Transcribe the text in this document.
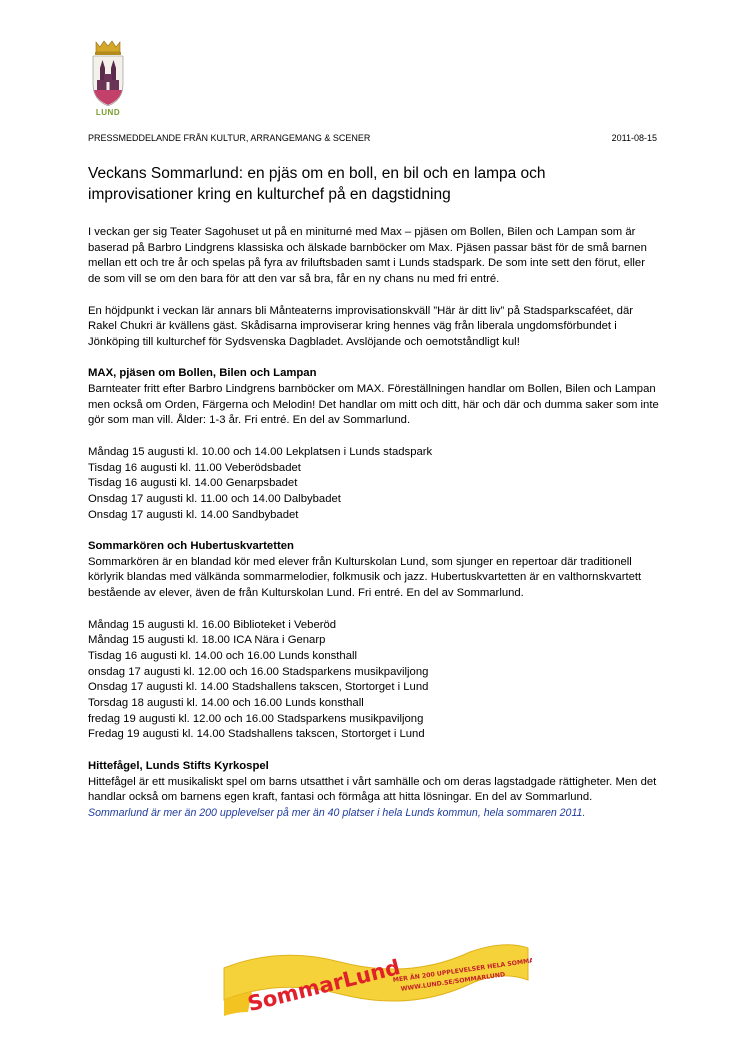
LUND
PRESSMEDDELANDE FRÅN KULTUR, ARRANGEMANG & SCENER	2011-08-15
Veckans Sommarlund: en pjäs om en boll, en bil och en lampa och improvisationer kring en kulturchef på en dagstidning

I veckan ger sig Teater Sagohuset ut på en miniturné med Max – pjäsen om Bollen, Bilen och Lampan som är baserad på Barbro Lindgrens klassiska och älskade barnböcker om Max. Pjäsen passar bäst för de små barnen mellan ett och tre år och spelas på fyra av friluftsbaden samt i Lunds stadspark. De som inte sett den förut, eller de som vill se om den bara för att den var så bra, får en ny chans nu med fri entré.

En höjdpunkt i veckan lär annars bli Månteaterns improvisationskväll ”Här är ditt liv” på Stadsparkscaféet, där Rakel Chukri är kvällens gäst. Skådisarna improviserar kring hennes väg från liberala ungdomsförbundet i Jönköping till kulturchef för Sydsvenska Dagbladet. Avslöjande och oemotståndligt kul!

MAX, pjäsen om Bollen, Bilen och Lampan

Barnteater fritt efter Barbro Lindgrens barnböcker om MAX. Föreställningen handlar om Bollen, Bilen och Lampan men också om Orden, Färgerna och Melodin! Det handlar om mitt och ditt, här och där och dumma saker som inte gör som man vill. Ålder: 1-3 år. Fri entré. En del av Sommarlund.

Måndag 15 augusti kl. 10.00 och 14.00 Lekplatsen i Lunds stadspark
Tisdag 16 augusti kl. 11.00 Veberödsbadet
Tisdag 16 augusti kl. 14.00 Genarpsbadet
Onsdag 17 augusti kl. 11.00 och 14.00 Dalbybadet
Onsdag 17 augusti kl. 14.00 Sandbybadet
Sommarkören och Hubertuskvartetten

Sommarkören är en blandad kör med elever från Kulturskolan Lund, som sjunger en repertoar där traditionell körlyrik blandas med välkända sommarmelodier, folkmusik och jazz. Hubertuskvartetten är en valthornskvartett bestående av elever, även de från Kulturskolan Lund. Fri entré. En del av Sommarlund.

Måndag 15 augusti kl. 16.00 Biblioteket i Veberöd
Måndag 15 augusti kl. 18.00 ICA Nära i Genarp
Tisdag 16 augusti kl. 14.00 och 16.00 Lunds konsthall
onsdag 17 augusti kl. 12.00 och 16.00 Stadsparkens musikpaviljong
Onsdag 17 augusti kl. 14.00 Stadshallens takscen, Stortorget i Lund
Torsdag 18 augusti kl. 14.00 och 16.00 Lunds konsthall
fredag 19 augusti kl. 12.00 och 16.00 Stadsparkens musikpaviljong
Fredag 19 augusti kl. 14.00 Stadshallens takscen, Stortorget i Lund
Hittefågel, Lunds Stifts Kyrkospel

Hittefågel är ett musikaliskt spel om barns utsatthet i vårt samhälle och om deras lagstadgade rättigheter. Men det handlar också om barnens egen kraft, fantasi och förmåga att hitta lösningar. En del av Sommarlund.

Sommarlund är mer än 200 upplevelser på mer än 40 platser i hela Lunds kommun, hela sommaren 2011.

SommarLund
MER ÄN 200 UPPLEVELSER HELA SOMMAREN
WWW.LUND.SE/SOMMARLUND
